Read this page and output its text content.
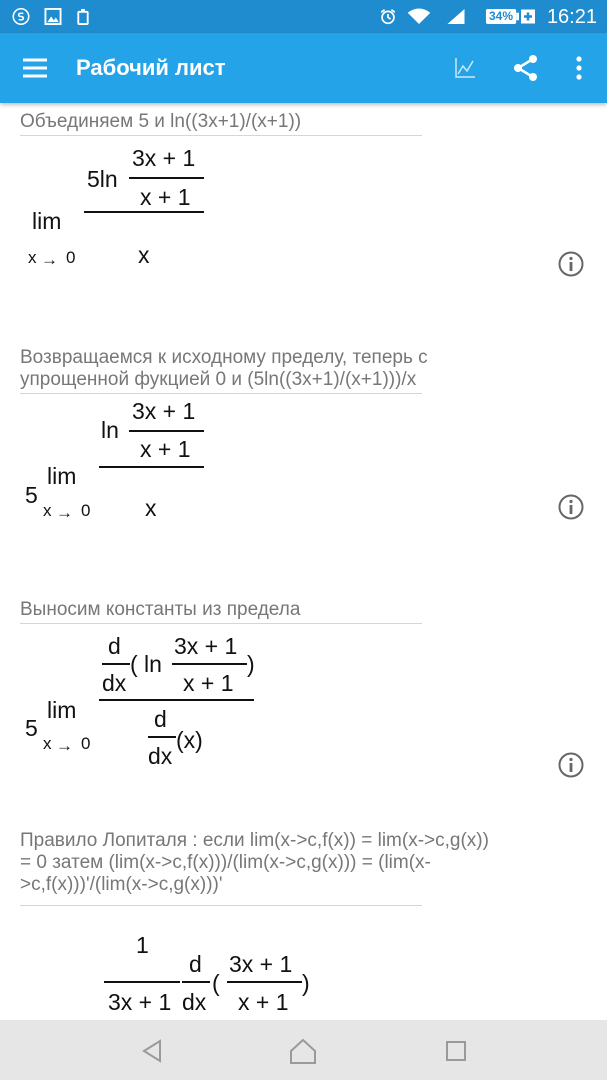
34% 16:21
Рабочий лист
Объединяем 5 и ln((3x+1)/(x+1))
lim
x → 0
5ln
3x + 1
x + 1
x
Возвращаемся к исходному пределу, теперь с упрощенной фукцией 0 и (5ln((3x+1)/(x+1)))/x
5
lim
x → 0
ln
3x + 1
x + 1
x
Выносим константы из предела
5
lim
x → 0
d
dx
( ln
3x + 1
x + 1
)
d
dx
(x)
Правило Лопиталя : если lim(x->c,f(x)) = lim(x->c,g(x)) = 0 затем (lim(x->c,f(x)))/(lim(x->c,g(x))) = (lim(x->c,f(x)))'/(lim(x->c,g(x)))'
1
3x + 1
d
dx
(
3x + 1
x + 1
)
